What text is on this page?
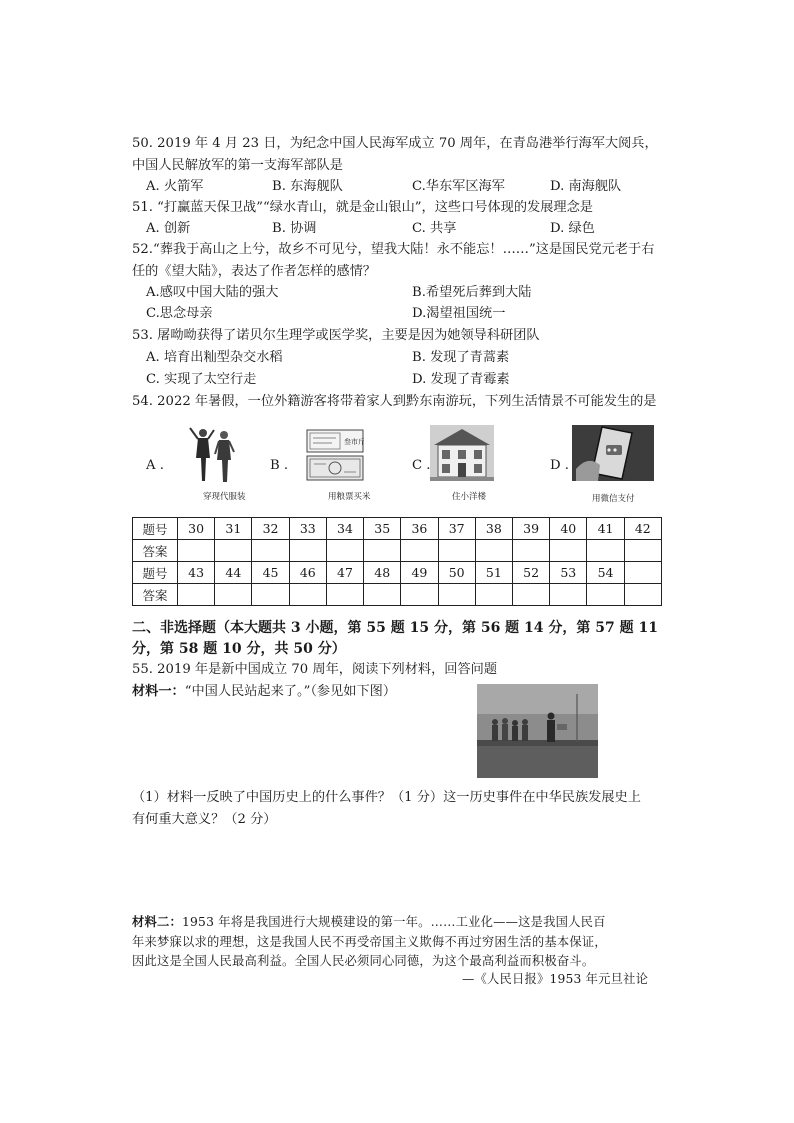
50. 2019 年 4 月 23 日，为纪念中国人民海军成立 70 周年，在青岛港举行海军大阅兵，
中国人民解放军的第一支海军部队是
A. 火箭军	B. 东海舰队	C.华东军区海军	D. 南海舰队
51. “打赢蓝天保卫战”“绿水青山，就是金山银山”，这些口号体现的发展理念是
A. 创新	B. 协调	C. 共享	D. 绿色
52.“葬我于高山之上兮，故乡不可见兮，望我大陆！永不能忘！……”这是国民党元老于右
任的《望大陆》，表达了作者怎样的感情？
A.感叹中国大陆的强大	B.希望死后葬到大陆
C.思念母亲	D.渴望祖国统一
53. 屠呦呦获得了诺贝尔生理学或医学奖，主要是因为她领导科研团队
A. 培育出籼型杂交水稻	B. 发现了青蒿素
C. 实现了太空行走	D. 发现了青霉素
54. 2022 年暑假，一位外籍游客将带着家人到黔东南游玩，下列生活情景不可能发生的是
A .
穿现代服装
B .
叁市斤
用粮票买米
C .
住小洋楼
D .
用微信支付
题号	30	31	32	33	34	35	36	37	38	39	40	41	42
答案													
题号	43	44	45	46	47	48	49	50	51	52	53	54	
答案													
二、非选择题（本大题共 3 小题，第 55 题 15 分，第 56 题 14 分，第 57 题 11
分，第 58 题 10 分，共 50 分）
55. 2019 年是新中国成立 70 周年，阅读下列材料，回答问题
材料一：“中国人民站起来了。”（参见如下图）
（1）材料一反映了中国历史上的什么事件？（1 分）这一历史事件在中华民族发展史上
有何重大意义？（2 分）
材料二：1953 年将是我国进行大规模建设的第一年。……工业化——这是我国人民百
年来梦寐以求的理想，这是我国人民不再受帝国主义欺侮不再过穷困生活的基本保证，
因此这是全国人民最高利益。全国人民必须同心同德，为这个最高利益而积极奋斗。
—《人民日报》1953 年元旦社论
